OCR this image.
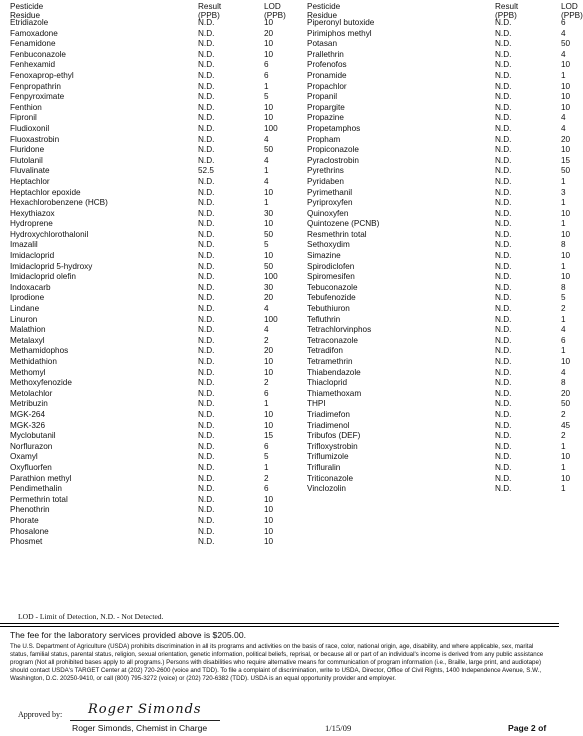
Pesticide Residue
Result (PPB)
LOD (PPB)
Etridiazole	N.D.	10
Famoxadone	N.D.	20
Fenamidone	N.D.	10
Fenbuconazole	N.D.	10
Fenhexamid	N.D.	6
Fenoxaprop-ethyl	N.D.	6
Fenpropathrin	N.D.	1
Fenpyroximate	N.D.	5
Fenthion	N.D.	10
Fipronil	N.D.	10
Fludioxonil	N.D.	100
Fluoxastrobin	N.D.	4
Fluridone	N.D.	50
Flutolanil	N.D.	4
Fluvalinate	52.5	1
Heptachlor	N.D.	4
Heptachlor epoxide	N.D.	10
Hexachlorobenzene (HCB)	N.D.	1
Hexythiazox	N.D.	30
Hydroprene	N.D.	10
Hydroxychlorothalonil	N.D.	50
Imazalil	N.D.	5
Imidacloprid	N.D.	10
Imidacloprid 5-hydroxy	N.D.	50
Imidacloprid olefin	N.D.	100
Indoxacarb	N.D.	30
Iprodione	N.D.	20
Lindane	N.D.	4
Linuron	N.D.	100
Malathion	N.D.	4
Metalaxyl	N.D.	2
Methamidophos	N.D.	20
Methidathion	N.D.	10
Methomyl	N.D.	10
Methoxyfenozide	N.D.	2
Metolachlor	N.D.	6
Metribuzin	N.D.	1
MGK-264	N.D.	10
MGK-326	N.D.	10
Myclobutanil	N.D.	15
Norflurazon	N.D.	6
Oxamyl	N.D.	5
Oxyfluorfen	N.D.	1
Parathion methyl	N.D.	2
Pendimethalin	N.D.	6
Permethrin total	N.D.	10
Phenothrin	N.D.	10
Phorate	N.D.	10
Phosalone	N.D.	10
Phosmet	N.D.	10
Pesticide Residue
Result (PPB)
LOD (PPB)
Piperonyl butoxide	N.D.	6
Pirimiphos methyl	N.D.	4
Potasan	N.D.	50
Prallethrin	N.D.	4
Profenofos	N.D.	10
Pronamide	N.D.	1
Propachlor	N.D.	10
Propanil	N.D.	10
Propargite	N.D.	10
Propazine	N.D.	4
Propetamphos	N.D.	4
Propham	N.D.	20
Propiconazole	N.D.	10
Pyraclostrobin	N.D.	15
Pyrethrins	N.D.	50
Pyridaben	N.D.	1
Pyrimethanil	N.D.	3
Pyriproxyfen	N.D.	1
Quinoxyfen	N.D.	10
Quintozene (PCNB)	N.D.	1
Resmethrin total	N.D.	10
Sethoxydim	N.D.	8
Simazine	N.D.	10
Spirodiclofen	N.D.	1
Spiromesifen	N.D.	10
Tebuconazole	N.D.	8
Tebufenozide	N.D.	5
Tebuthiuron	N.D.	2
Tefluthrin	N.D.	1
Tetrachlorvinphos	N.D.	4
Tetraconazole	N.D.	6
Tetradifon	N.D.	1
Tetramethrin	N.D.	10
Thiabendazole	N.D.	4
Thiacloprid	N.D.	8
Thiamethoxam	N.D.	20
THPI	N.D.	50
Triadimefon	N.D.	2
Triadimenol	N.D.	45
Tribufos (DEF)	N.D.	2
Trifloxystrobin	N.D.	1
Triflumizole	N.D.	10
Trifluralin	N.D.	1
Triticonazole	N.D.	10
Vinclozolin	N.D.	1
LOD - Limit of Detection, N.D. - Not Detected.
The fee for the laboratory services provided above is $205.00.
The U.S. Department of Agriculture (USDA) prohibits discrimination in all its programs and activities on the basis of race, color, national origin, age, disability, and where applicable, sex, marital status, familial status, parental status, religion, sexual orientation, genetic information, political beliefs, reprisal, or because all or part of an individual's income is derived from any public assistance program (Not all prohibited bases apply to all programs.) Persons with disabilities who require alternative means for communication of program information (i.e., Braille, large print, and audiotape) should contact USDA's TARGET Center at (202) 720-2600 (voice and TDD). To file a complaint of discrimination, write to USDA, Director, Office of Civil Rights, 1400 Independence Avenue, S.W., Washington, D.C. 20250-9410, or call (800) 795-3272 (voice) or (202) 720-6382 (TDD). USDA is an equal opportunity provider and employer.
Approved by: Roger Simonds
Roger Simonds, Chemist in Charge	1/15/09	Page 2 of
